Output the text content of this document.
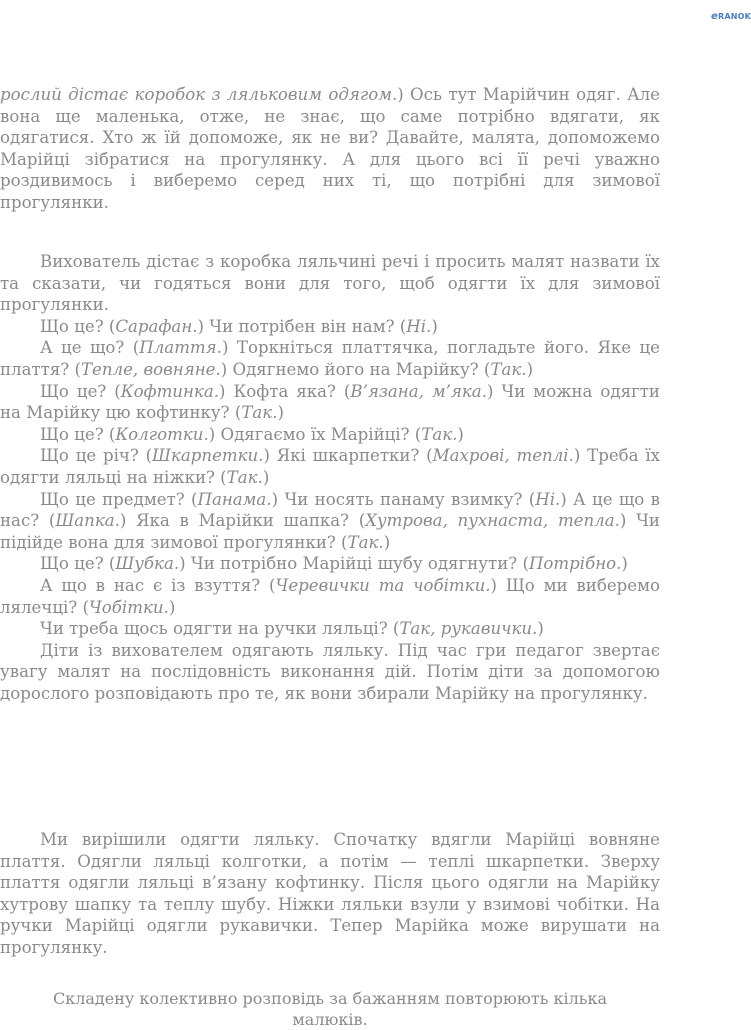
eRANOK

рослий дістає коробок з ляльковим одягом.) Ось тут Марійчин одяг. Але вона ще маленька, отже, не знає, що саме потрібно вдягати, як одягатися. Хто ж їй допоможе, як не ви? Давайте, малята, допоможемо Марійці зібратися на прогулянку. А для цього всі її речі уважно роздивимось і виберемо серед них ті, що потрібні для зимової прогулянки.

Вихователь дістає з коробка ляльчині речі і просить малят назвати їх та сказати, чи годяться вони для того, щоб одягти їх для зимової прогулянки.

Що це? (Сарафан.) Чи потрібен він нам? (Ні.)

А це що? (Плаття.) Торкніться платтячка, погладьте його. Яке це плаття? (Тепле, вовняне.) Одягнемо його на Марійку? (Так.)

Що це? (Кофтинка.) Кофта яка? (В’язана, м’яка.) Чи можна одягти на Марійку цю кофтинку? (Так.)

Що це? (Колготки.) Одягаємо їх Марійці? (Так.)

Що це річ? (Шкарпетки.) Які шкарпетки? (Махрові, теплі.) Треба їх одягти ляльці на ніжки? (Так.)

Що це предмет? (Панама.) Чи носять панаму взимку? (Ні.) А це що в нас? (Шапка.) Яка в Марійки шапка? (Хутрова, пухнаста, тепла.) Чи підійде вона для зимової прогулянки? (Так.)

Що це? (Шубка.) Чи потрібно Марійці шубу одягнути? (Потрібно.)

А що в нас є із взуття? (Черевички та чобітки.) Що ми виберемо лялечці? (Чобітки.)

Чи треба щось одягти на ручки ляльці? (Так, рукавички.)

Діти із вихователем одягають ляльку. Під час гри педагог звертає увагу малят на послідовність виконання дій. Потім діти за допомогою дорослого розповідають про те, як вони збирали Марійку на прогулянку.

Ми вирішили одягти ляльку. Спочатку вдягли Марійці вовняне плаття. Одягли ляльці колготки, а потім — теплі шкарпетки. Зверху плаття одягли ляльці в’язану кофтинку. Після цього одягли на Марійку хутрову шапку та теплу шубу. Ніжки ляльки взули у взимові чобітки. На ручки Марійці одягли рукавички. Тепер Марійка може вирушати на прогулянку.

Складену колективно розповідь за бажанням повторюють кілька малюків.
